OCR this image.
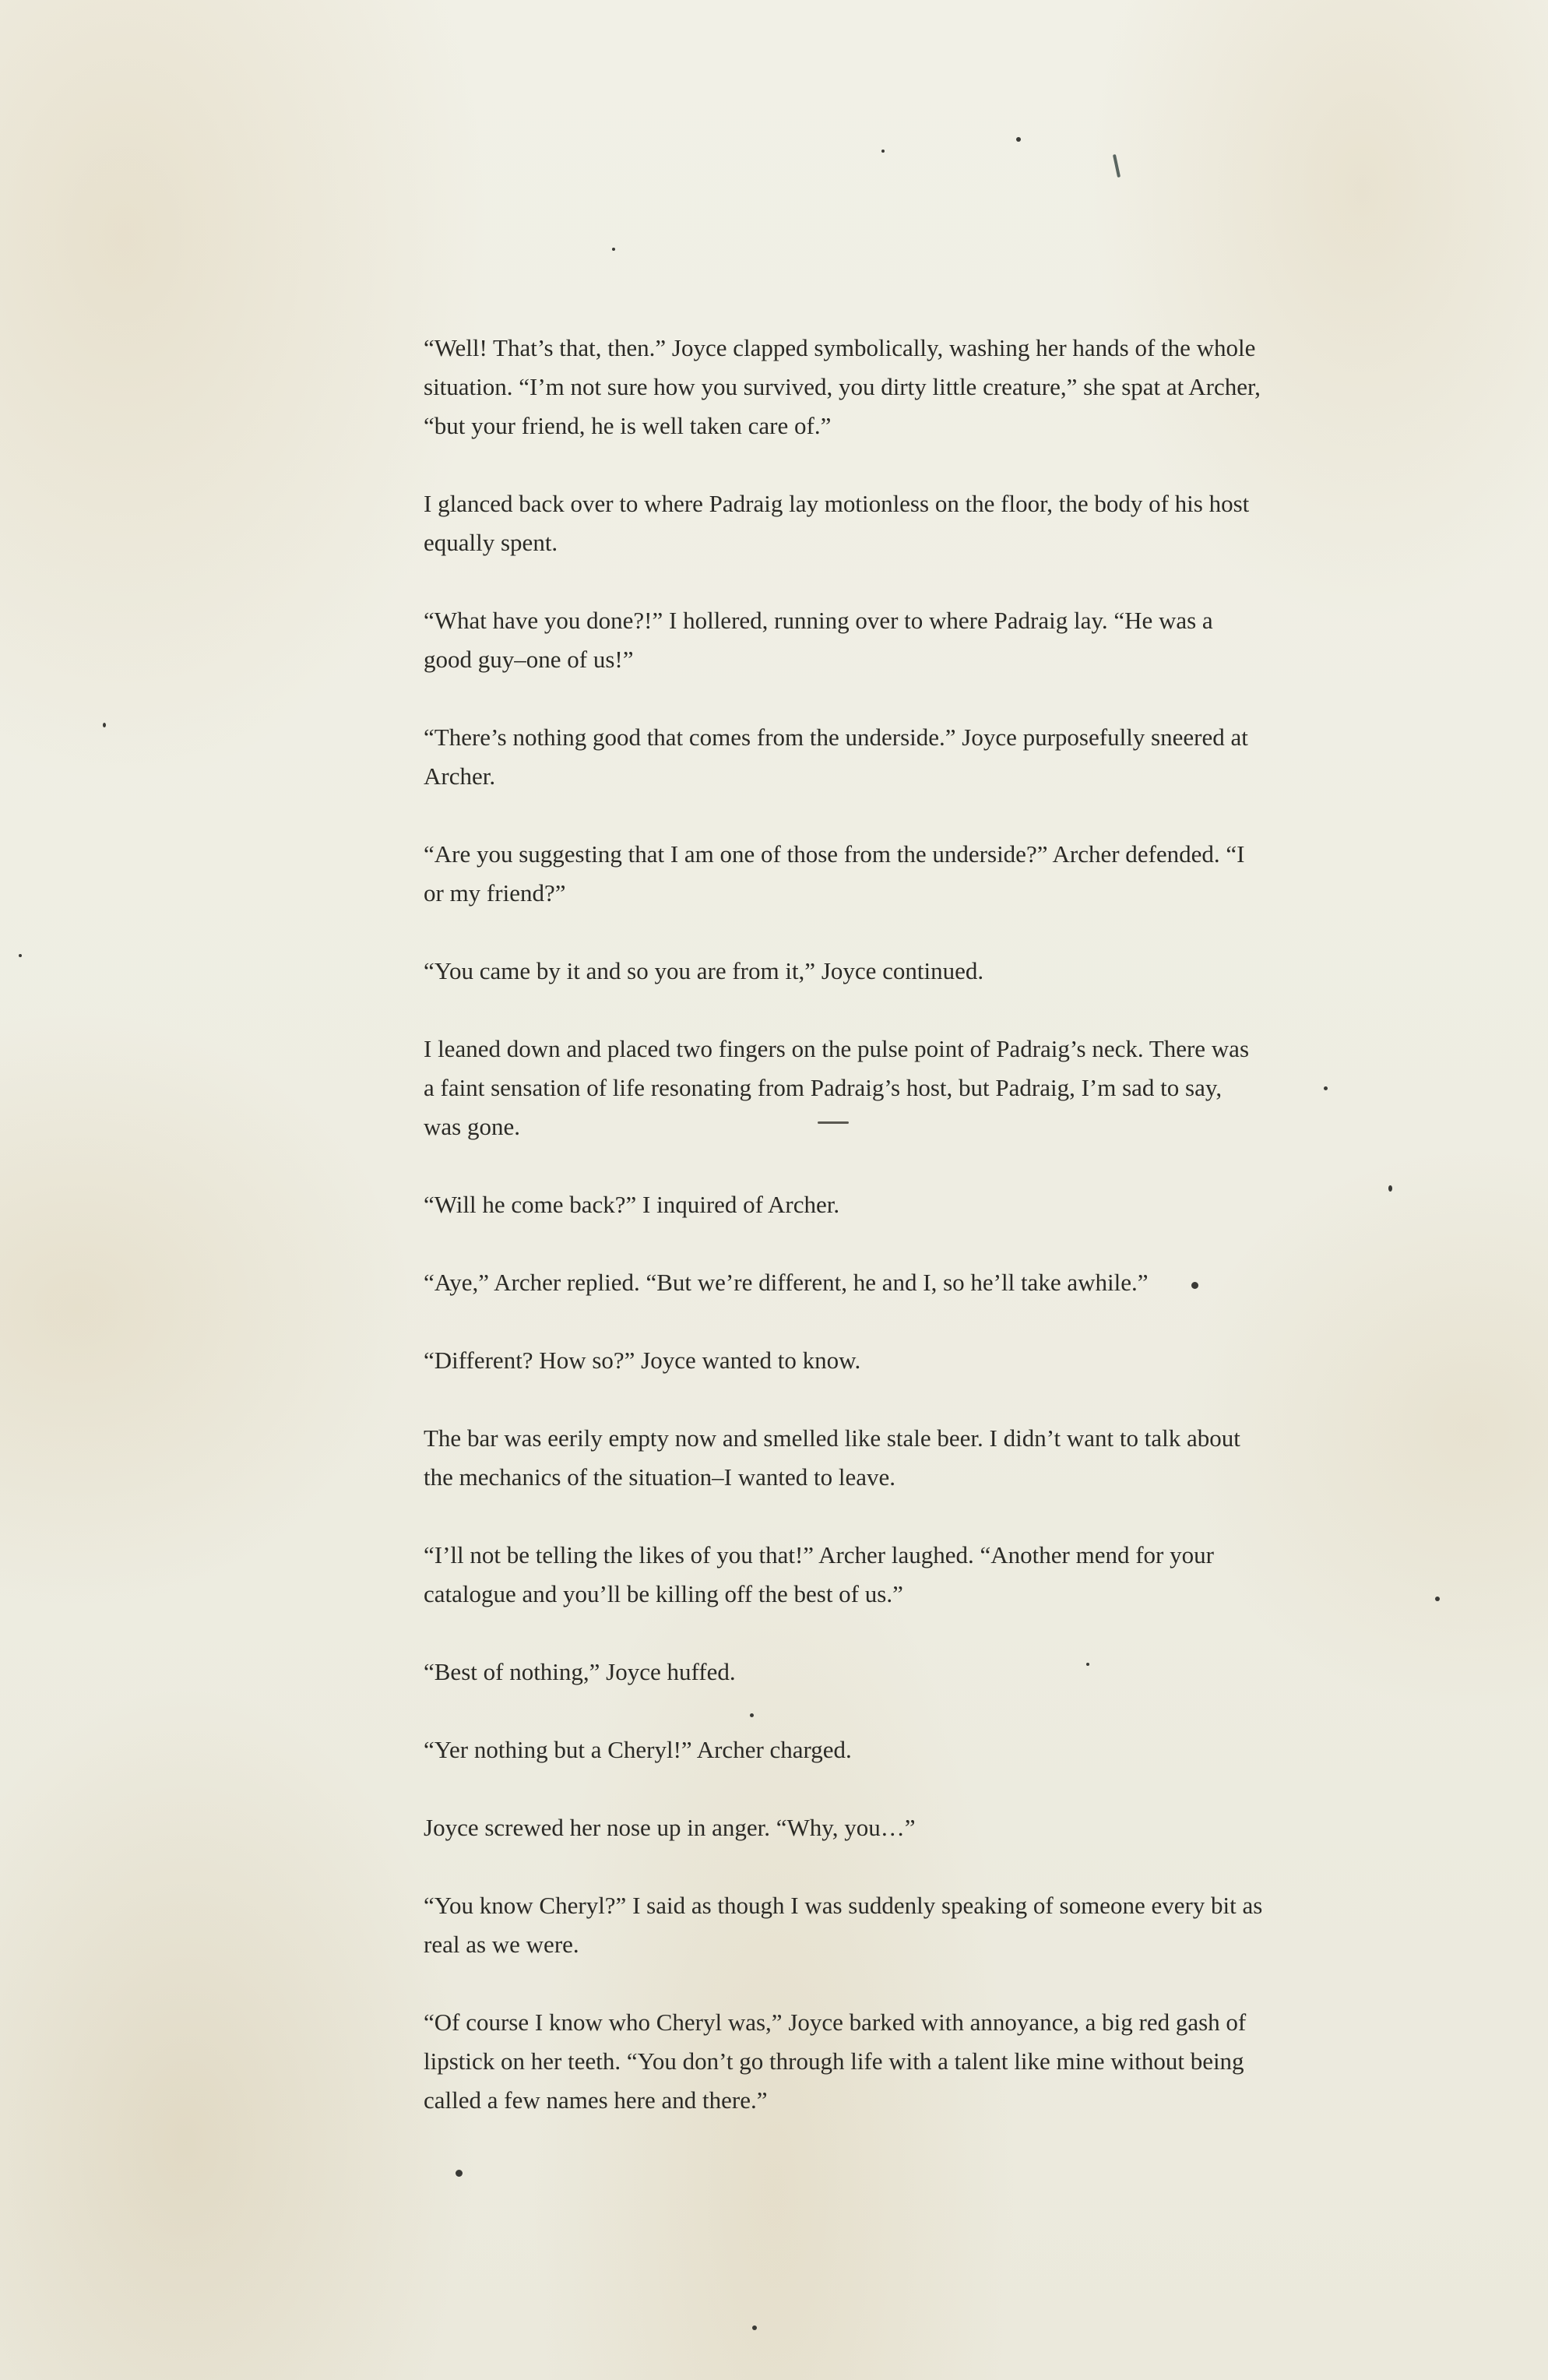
“Well! That’s that, then.” Joyce clapped symbolically, washing her hands of the whole situation. “I’m not sure how you survived, you dirty little creature,” she spat at Archer, “but your friend, he is well taken care of.”

I glanced back over to where Padraig lay motionless on the floor, the body of his host equally spent.

“What have you done?!” I hollered, running over to where Padraig lay. “He was a good guy–one of us!”

“There’s nothing good that comes from the underside.” Joyce purposefully sneered at Archer.

“Are you suggesting that I am one of those from the underside?” Archer defended. “I or my friend?”

“You came by it and so you are from it,” Joyce continued.

I leaned down and placed two fingers on the pulse point of Padraig’s neck. There was a faint sensation of life resonating from Padraig’s host, but Padraig, I’m sad to say, was gone.

“Will he come back?” I inquired of Archer.

“Aye,” Archer replied. “But we’re different, he and I, so he’ll take awhile.”

“Different? How so?” Joyce wanted to know.

The bar was eerily empty now and smelled like stale beer. I didn’t want to talk about the mechanics of the situation–I wanted to leave.

“I’ll not be telling the likes of you that!” Archer laughed. “Another mend for your catalogue and you’ll be killing off the best of us.”

“Best of nothing,” Joyce huffed.

“Yer nothing but a Cheryl!” Archer charged.

Joyce screwed her nose up in anger. “Why, you…”

“You know Cheryl?” I said as though I was suddenly speaking of someone every bit as real as we were.

“Of course I know who Cheryl was,” Joyce barked with annoyance, a big red gash of lipstick on her teeth. “You don’t go through life with a talent like mine without being called a few names here and there.”
